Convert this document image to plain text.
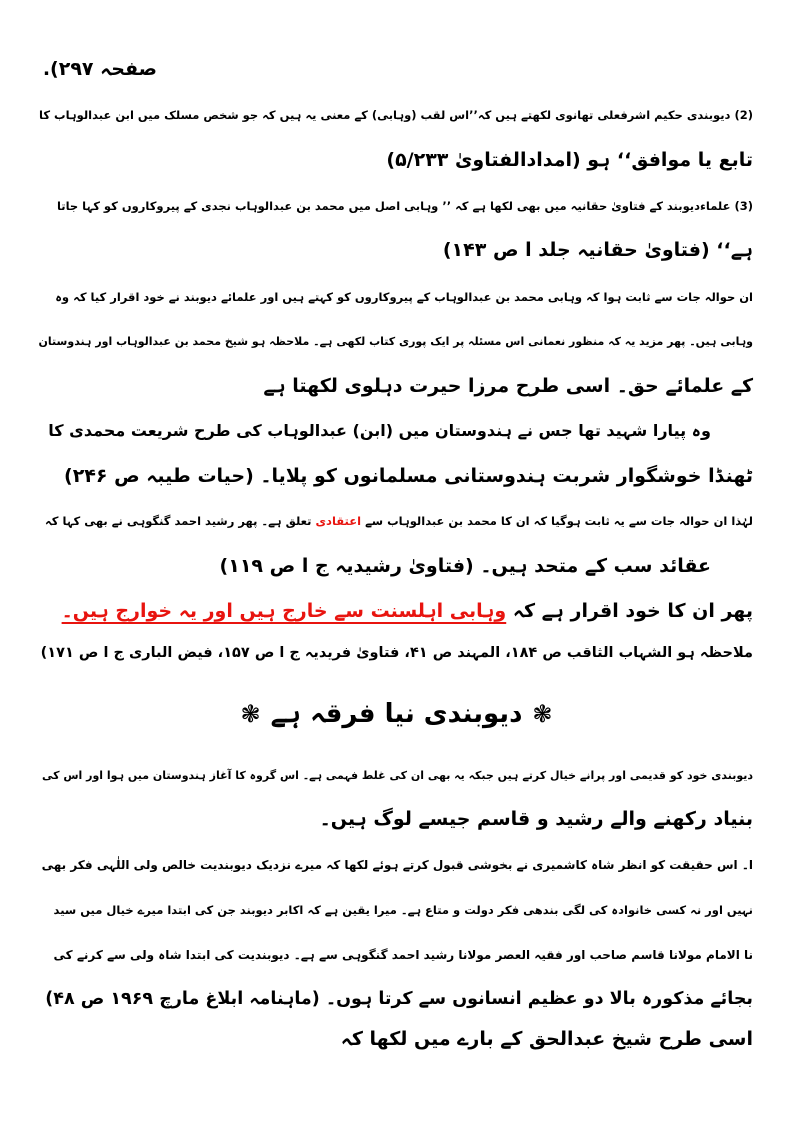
صفحہ ۲۹۷).
(2) دیوبندی حکیم اشرفعلی تھانوی لکھتے ہیں کہ’’اس لقب (وہابی) کے معنی یہ ہیں کہ جو شخص مسلک میں ابن عبدالوہاب کا
تابع یا موافق‘‘ ہو (امدادالفتاویٰ ۵/۲۳۳)
(3) علماءدیوبند کے فتاویٰ حقانیہ میں بھی لکھا ہے کہ ’’ وہابی اصل میں محمد بن عبدالوہاب نجدی کے پیروکاروں کو کہا جاتا
ہے‘‘ (فتاویٰ حقانیہ جلد ا ص ۱۴۳)
ان حوالہ جات سے ثابت ہوا کہ وہابی محمد بن عبدالوہاب کے پیروکاروں کو کہتے ہیں اور علمائے دیوبند نے خود اقرار کیا کہ وہ
وہابی ہیں۔ پھر مزید یہ کہ منظور نعمانی اس مسئلہ پر ایک پوری کتاب لکھی ہے۔ ملاحظہ ہو شیخ محمد بن عبدالوہاب اور ہندوستان
کے علمائے حق۔ اسی طرح مرزا حیرت دہلوی لکھتا ہے
وہ پیارا شہید تھا جس نے ہندوستان میں (ابن) عبدالوہاب کی طرح شریعت محمدی کا
ٹھنڈا خوشگوار شربت ہندوستانی مسلمانوں کو پلایا۔ (حیات طیبہ ص ۲۴۶)
لہٰذا ان حوالہ جات سے یہ ثابت ہوگیا کہ ان کا محمد بن عبدالوہاب سے اعتقادی تعلق ہے۔ پھر رشید احمد گنگوہی نے بھی کہا کہ
عقائد سب کے متحد ہیں۔ (فتاویٰ رشیدیہ ج ا ص ۱۱۹)
پھر ان کا خود اقرار ہے کہ وہابی اہلسنت سے خارج ہیں اور یہ خوارج ہیں۔
ملاحظہ ہو الشہاب الثاقب ص ۱۸۴، المہند ص ۴۱، فتاویٰ فریدیہ ج ا ص ۱۵۷، فیض الباری ج ا ص ۱۷۱)
❃دیوبندی نیا فرقہ ہے❃
دیوبندی خود کو قدیمی اور پرانے خیال کرتے ہیں جبکہ یہ بھی ان کی غلط فہمی ہے۔ اس گروہ کا آغاز ہندوستان میں ہوا اور اس کی
بنیاد رکھنے والے رشید و قاسم جیسے لوگ ہیں۔
ا۔ اس حقیقت کو انظر شاہ کاشمیری نے بخوشی قبول کرتے ہوئے لکھا کہ میرے نزدیک دیوبندیت خالص ولی اللٰہی فکر بھی
نہیں اور نہ کسی خانوادہ کی لگی بندھی فکر دولت و متاع ہے۔ میرا یقین ہے کہ اکابر دیوبند جن کی ابتدا میرے خیال میں سید
نا الامام مولانا قاسم صاحب اور فقیہ العصر مولانا رشید احمد گنگوہی سے ہے۔ دیوبندیت کی ابتدا شاہ ولی سے کرنے کی
بجائے مذکورہ بالا دو عظیم انسانوں سے کرتا ہوں۔ (ماہنامہ ابلاغ مارچ ۱۹۶۹ ص ۴۸)
اسی طرح شیخ عبدالحق کے بارے میں لکھا کہ
